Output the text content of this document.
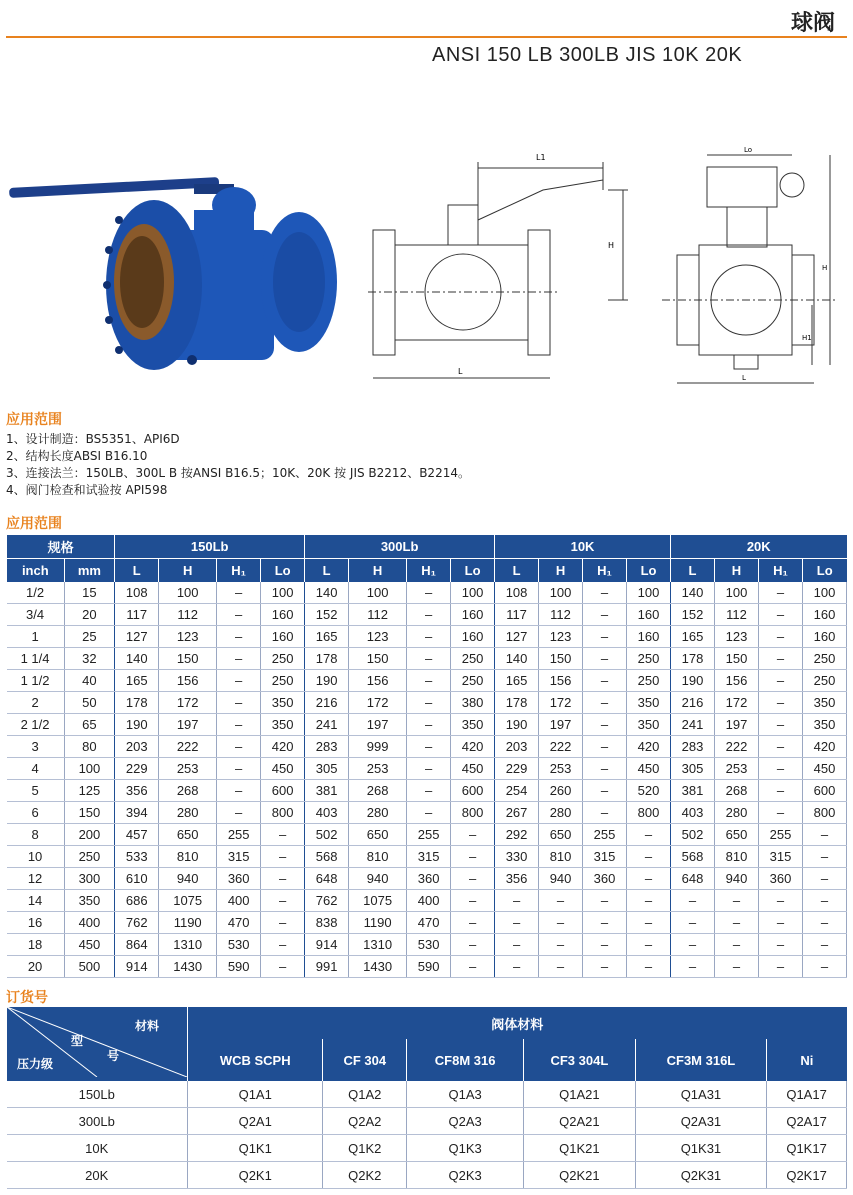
球阀
ANSI 150 LB 300LB JIS 10K 20K
L1
H
L
Lo
H
H1
L
应用范围
1、设计制造：BS5351、API6D
2、结构长度ABSI B16.10
3、连接法兰：150LB、300L B 按ANSI B16.5；10K、20K 按 JIS B2212、B2214。
4、阀门检查和试验按 API598
应用范围
规格		150Lb				300Lb				10K				20K			
inch	mm	L	H	H₁	Lo	L	H	H₁	Lo	L	H	H₁	Lo	L	H	H₁	Lo
1/2	15	108	100	–	100	140	100	–	100	108	100	–	100	140	100	–	100
3/4	20	117	112	–	160	152	112	–	160	117	112	–	160	152	112	–	160
1	25	127	123	–	160	165	123	–	160	127	123	–	160	165	123	–	160
1 1/4	32	140	150	–	250	178	150	–	250	140	150	–	250	178	150	–	250
1 1/2	40	165	156	–	250	190	156	–	250	165	156	–	250	190	156	–	250
2	50	178	172	–	350	216	172	–	380	178	172	–	350	216	172	–	350
2 1/2	65	190	197	–	350	241	197	–	350	190	197	–	350	241	197	–	350
3	80	203	222	–	420	283	999	–	420	203	222	–	420	283	222	–	420
4	100	229	253	–	450	305	253	–	450	229	253	–	450	305	253	–	450
5	125	356	268	–	600	381	268	–	600	254	260	–	520	381	268	–	600
6	150	394	280	–	800	403	280	–	800	267	280	–	800	403	280	–	800
8	200	457	650	255	–	502	650	255	–	292	650	255	–	502	650	255	–
10	250	533	810	315	–	568	810	315	–	330	810	315	–	568	810	315	–
12	300	610	940	360	–	648	940	360	–	356	940	360	–	648	940	360	–
14	350	686	1075	400	–	762	1075	400	–	–	–	–	–	–	–	–	–
16	400	762	1190	470	–	838	1190	470	–	–	–	–	–	–	–	–	–
18	450	864	1310	530	–	914	1310	530	–	–	–	–	–	–	–	–	–
20	500	914	1430	590	–	991	1430	590	–	–	–	–	–	–	–	–	–
订货号
材料
型
号
压力级	阀体材料					
	WCB SCPH	CF 304	CF8M 316	CF3 304L	CF3M 316L	Ni
150Lb	Q1A1	Q1A2	Q1A3	Q1A21	Q1A31	Q1A17
300Lb	Q2A1	Q2A2	Q2A3	Q2A21	Q2A31	Q2A17
10K	Q1K1	Q1K2	Q1K3	Q1K21	Q1K31	Q1K17
20K	Q2K1	Q2K2	Q2K3	Q2K21	Q2K31	Q2K17
